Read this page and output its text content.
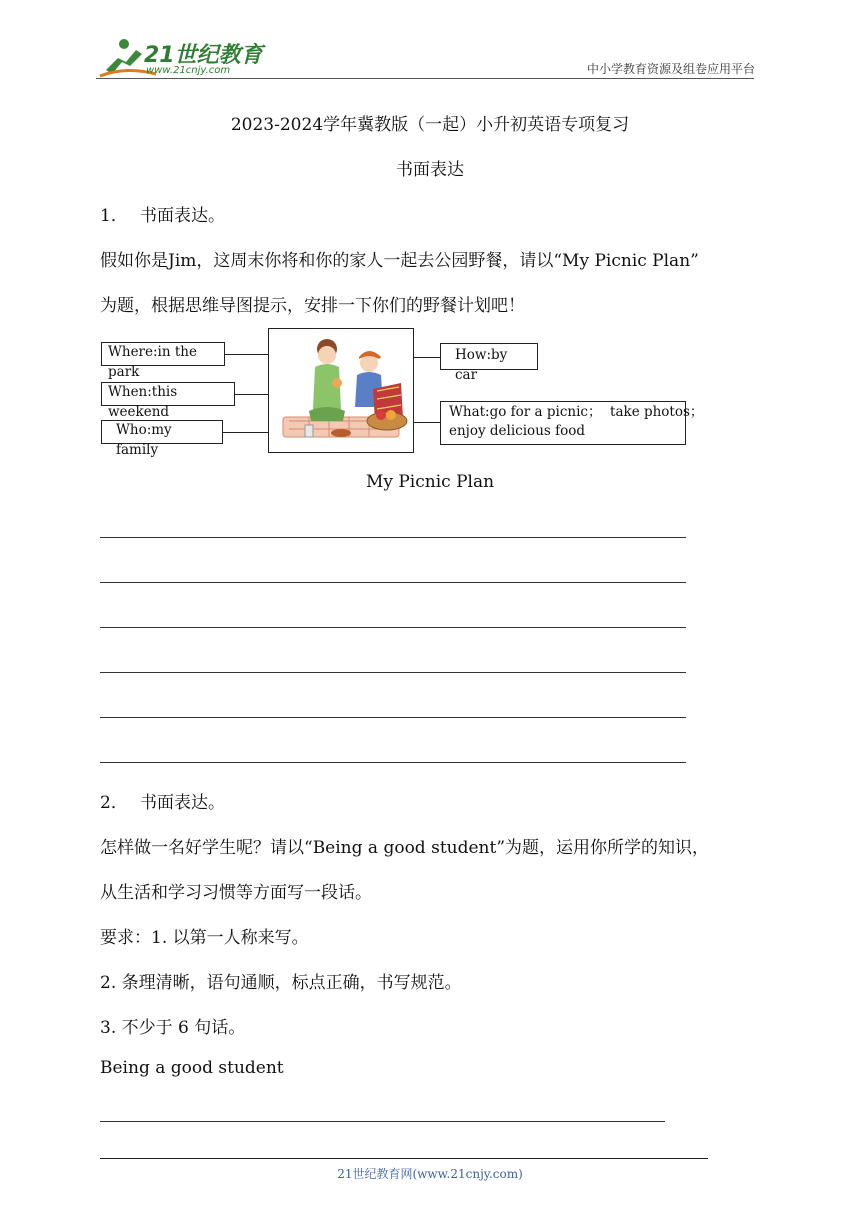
21世纪教育
www.21cnjy.com	中小学教育资源及组卷应用平台
2023-2024学年冀教版（一起）小升初英语专项复习
书面表达
1． 书面表达。
假如你是Jim，这周末你将和你的家人一起去公园野餐，请以“My Picnic Plan”
为题，根据思维导图提示，安排一下你们的野餐计划吧！
Where:in the park
When:this weekend
Who:my family
How:by car
What:go for a picnic；  take photos；
enjoy delicious food
My Picnic Plan
2． 书面表达。
怎样做一名好学生呢？请以“Being a good student”为题，运用你所学的知识，
从生活和学习习惯等方面写一段话。
要求：1. 以第一人称来写。
2. 条理清晰，语句通顺，标点正确，书写规范。
3. 不少于 6 句话。
Being a good student
21世纪教育网(www.21cnjy.com)
